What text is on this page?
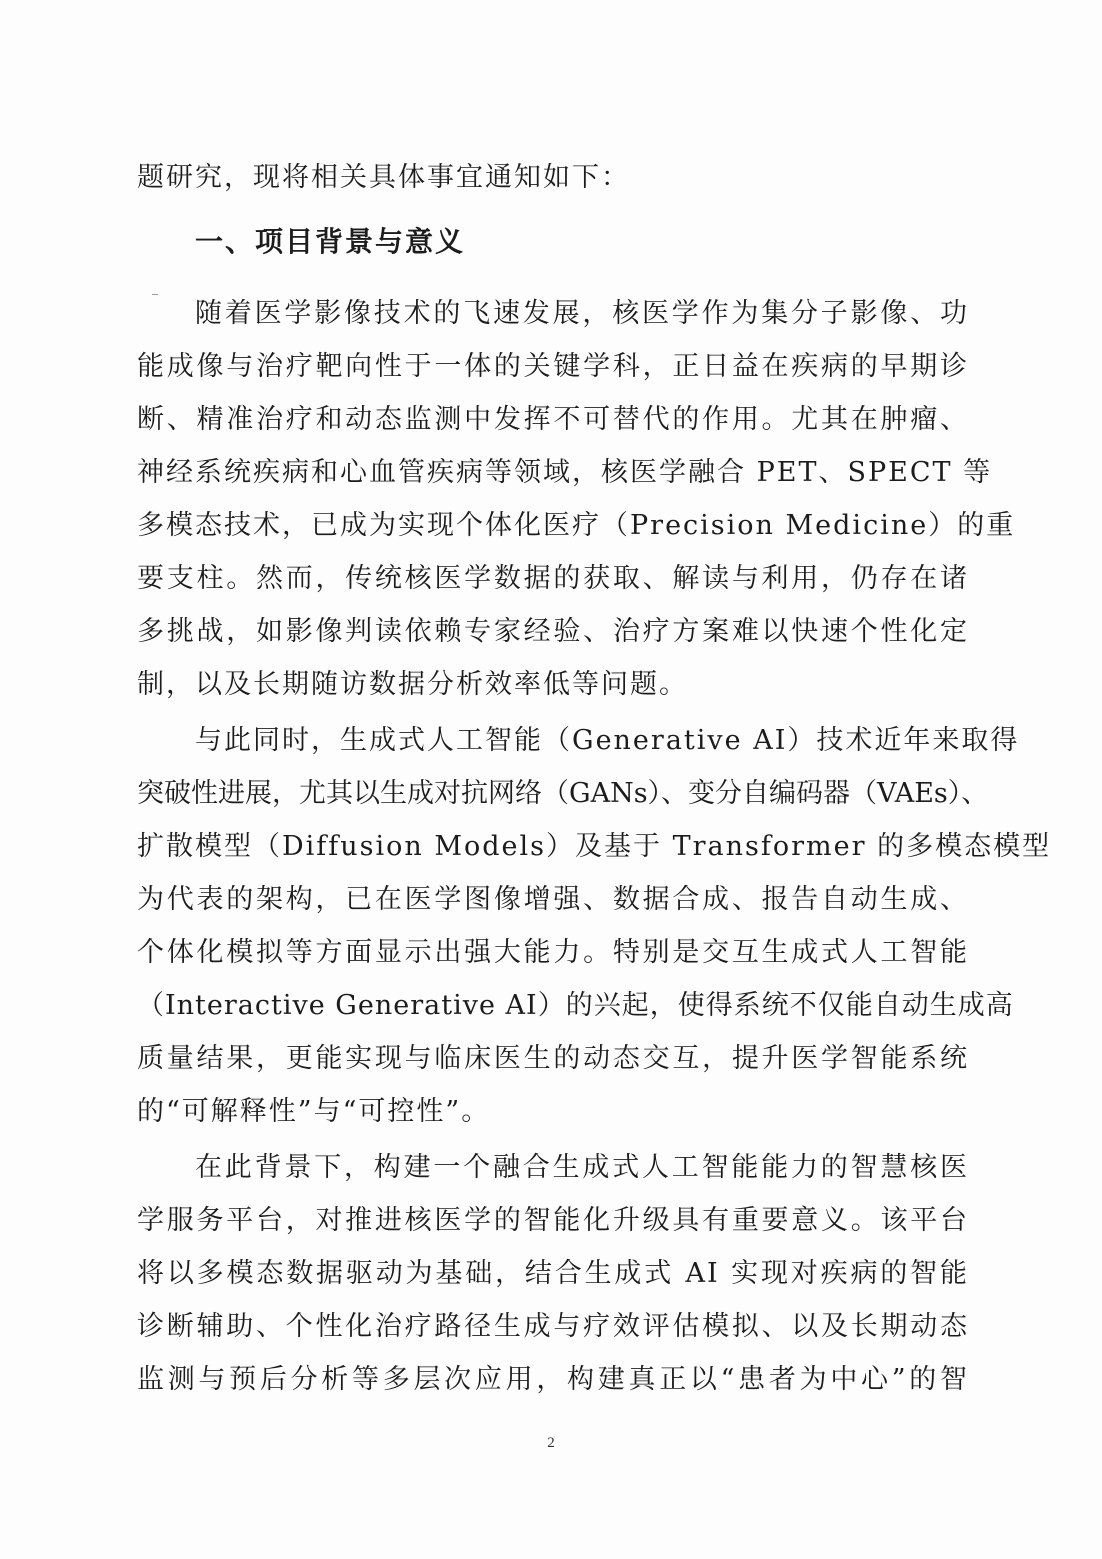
题研究，现将相关具体事宜通知如下：
一、项目背景与意义
随着医学影像技术的飞速发展，核医学作为集分子影像、功
能成像与治疗靶向性于一体的关键学科，正日益在疾病的早期诊
断、精准治疗和动态监测中发挥不可替代的作用。尤其在肿瘤、
神经系统疾病和心血管疾病等领域，核医学融合 PET、SPECT 等
多模态技术，已成为实现个体化医疗（Precision Medicine）的重
要支柱。然而，传统核医学数据的获取、解读与利用，仍存在诸
多挑战，如影像判读依赖专家经验、治疗方案难以快速个性化定
制，以及长期随访数据分析效率低等问题。
与此同时，生成式人工智能（Generative AI）技术近年来取得
突破性进展，尤其以生成对抗网络（GANs）、变分自编码器（VAEs）、
扩散模型（Diffusion Models）及基于 Transformer 的多模态模型
为代表的架构，已在医学图像增强、数据合成、报告自动生成、
个体化模拟等方面显示出强大能力。特别是交互生成式人工智能
（Interactive Generative AI）的兴起，使得系统不仅能自动生成高
质量结果，更能实现与临床医生的动态交互，提升医学智能系统
的“可解释性”与“可控性”。
在此背景下，构建一个融合生成式人工智能能力的智慧核医
学服务平台，对推进核医学的智能化升级具有重要意义。该平台
将以多模态数据驱动为基础，结合生成式 AI 实现对疾病的智能
诊断辅助、个性化治疗路径生成与疗效评估模拟、以及长期动态
监测与预后分析等多层次应用，构建真正以“患者为中心”的智
2
